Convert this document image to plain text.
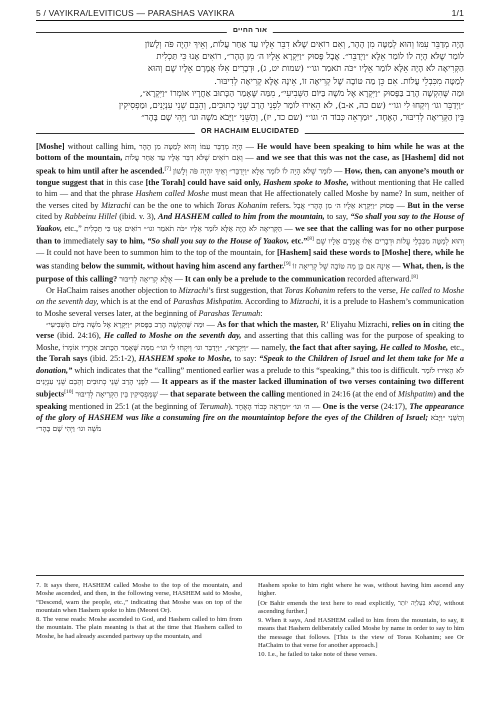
5 / VAYIKRA/LEVITICUS — PARASHAS VAYIKRA	1/1
אור החיים
הָיָה מְדַבֵּר עִמּוֹ וְהוּא לְמַטָּה מִן הָהָר, וְאִם רוֹאִים שֶׁלֹּא דִבֵּר אֵלָיו עַד אַחַר עֲלוֹת, וְאֵיךְ יִהְיֶה פֹּה וְלָשׁוֹן
לוֹמַר שֶׁלֹּא הָיָה לוֹ לוֹמַר אֵלָּא ״וַיְדַבֵּר״. אֲבָל פָּסוּק ״וַיִּקְרָא אֵלָיו ה׳ מִן הָהָר״, רוֹאִים אָנוּ כִּי תַּכְלִית
הַקְּרִיאָה לֹא הָיָה אֵלָּא לוֹמַר אֵלָיו ״כֹּה תֹאמַר וגו׳״ (שמות יט, ג), וּדְבָרִים אֵלּוּ אֲמָרָם אֵלָיו שֶׁם וְהוּא
לְמַטָּה מִכִּבְלֵי עֲלוֹת. אִם כֵּן מַה טּוֹבָה שֶׁל קְרִיאָה זוֹ, אֵינָהּ אֶלָּא קְרִיאָה לְדִיבּוּר.
וּמַה שֶּׁהִקְשָׁה הָרַב בַּפָּסוּק ״וַיִּקְרָא אֶל מֹשֶׁה בַּיּוֹם הַשְּׁבִיעִי״, מִמַּה שֶּׁאָמַר הַכָּתוּב אַחֲרָיו אוֹמְרוֹ ״וַיִּקְרָא״,
״וַיְדַבֵּר וגו׳ וְיִקְחוּ לִי וגו׳״ (שם כה, א-ב), לֹא הֵאִירוּ לוֹמַר לִפְנֵי הָרַב שְׁנֵי כְתוּבִים, וְהֵבֵם שְׁנֵי עִנְיָנִים, וּמַפְסִיקִין
בֵּין הַקְּרִיאָה לְדִיבּוּר, הָאֶחָד, ״וּמַרְאֵה כְּבוֹד ה׳ וגו׳״ (שם כד, יז), וְהַשֵּׁנִי ״וַיָּבֹא מֹשֶׁה וגו׳ וַיְהִי שָׁם בָּהָר״
OR HACHAIM ELUCIDATED

[Moshe] without calling him, הָיָה מְדַבֵּר עִמּוֹ וְהוּא לְמַטָּה מִן הָהָר — He would have been speaking to him while he was at the bottom of the mountain, וְאִם רוֹאִים שֶׁלֹּא דִבֵּר אֵלָיו עַד אַחַר עֲלוֹת — and we see that this was not the case, as [Hashem] did not speak to him until after he ascended.[7] וְאֵיךְ יִהְיֶה פֹּה וְלָשׁוֹן לוֹמַר שֶׁלֹּא הָיָה לוֹ לוֹמַר אֵלָּא ״וַיְדַבֵּר״ — How, then, can anyone’s mouth or tongue suggest that in this case [the Torah] could have said only, Hashem spoke to Moshe, without mentioning that He called to him — and that the phrase Hashem called Moshe must mean that He affectionately called Moshe by name? In sum, neither of the verses cited by Mizrachi can be the one to which Toras Kohanim refers. אֲבָל פָּסוּק ״וַיִּקְרָא אֵלָיו ה׳ מִן הָהָר״ — But in the verse cited by Rabbeinu Hillel (ibid. v. 3), And HASHEM called to him from the mountain, to say, “So shall you say to the House of Yaakov, etc.,” רוֹאִים אָנוּ כִּי תַּכְלִית הַקְּרִיאָה לֹא הָיָה אֵלָּא לוֹמַר אֵלָיו ״כֹּה תֹאמַר וגו׳״ — we see that the calling was for no other purpose than to immediately say to him, “So shall you say to the House of Yaakov, etc.”[8] וּדְבָרִים אֵלּוּ אֲמָרָם אֵלָיו שֶׁם וְהוּא לְמַטָּה מִכִּבְלֵי עֲלוֹת — It could not have been to summon him to the top of the mountain, for [Hashem] said these words to [Moshe] there, while he was standing below the summit, without having him ascend any farther.[9] אִם כֵּן מַה טּוֹבָה שֶׁל קְרִיאָה זוֹ אֵינָהּ — What, then, is the purpose of this calling? אֶלָּא קְרִיאָה לְדִיבּוּר — It can only be a prelude to the communication recorded afterward.[8]

Or HaChaim raises another objection to Mizrachi’s first suggestion, that Toras Kohanim refers to the verse, He called to Moshe on the seventh day, which is at the end of Parashas Mishpatim. According to Mizrachi, it is a prelude to Hashem’s communication to Moshe several verses later, at the beginning of Parashas Terumah:

וּמַה שֶּׁהִקְשָׁה הָרַב בַּפָּסוּק ״וַיִּקְרָא אֶל מֹשֶׁה בַּיּוֹם הַשְּׁבִיעִי״ — As for that which the master, R’ Eliyahu Mizrachi, relies on in citing the verse (ibid. 24:16), He called to Moshe on the seventh day, and asserting that this calling was for the purpose of speaking to Moshe, מִמַּה שֶּׁאָמַר הַכָּתוּב אַחֲרָיו אוֹמְרוֹ ״וַיִּקְרָא״, ״וַיְדַבֵּר וגו׳ וְיִקְחוּ לִי וגו׳״ — namely, the fact that after saying, He called to Moshe, etc., the Torah says (ibid. 25:1-2), HASHEM spoke to Moshe, to say: “Speak to the Children of Israel and let them take for Me a donation,” which indicates that the “calling” mentioned earlier was a prelude to this “speaking,” this too is difficult. לֹא הֵאִירוּ לוֹמַר לִפְנֵי הָרַב שְׁנֵי כְתוּבִים וְהֵבֵם שְׁנֵי עִנְיָנִים — It appears as if the master lacked illumination of two verses containing two different subjects[10] שֶׁמַּפְסִיקִין בֵּין הַקְּרִיאָה לְדִיבּוּר — that separate between the calling mentioned in 24:16 (at the end of Mishpatim) and the speaking mentioned in 25:1 (at the beginning of Terumah). הָאֶחָד ״וּמַרְאֵה כְּבוֹד ה׳ וגו׳ — One is the verse (24:17), The appearance of the glory of HASHEM was like a consuming fire on the mountaintop before the eyes of the Children of Israel; וְהַשֵּׁנִי ״וַיָּבֹא מֹשֶׁה וגו׳ וַיְהִי שָׁם בָּהָר״

7. It says there, HASHEM called Moshe to the top of the mountain, and Moshe ascended, and then, in the following verse, HASHEM said to Moshe, “Descend, warn the people, etc.,” indicating that Moshe was on top of the mountain when Hashem spoke to him (Meorei Or).

8. The verse reads: Moshe ascended to God, and Hashem called to him from the mountain. The plain meaning is that at the time that Hashem called to Moshe, he had already ascended partway up the mountain, and

Hashem spoke to him right where he was, without having him ascend any higher.

[Or Bahir emends the text here to read explicitly, שֶׁלֹּא בַּעַלִיָּה יוֹתֵר, without ascending further.]

9. When it says, And HASHEM called to him from the mountain, to say, it means that Hashem deliberately called Moshe by name in order to say to him the message that follows. [This is the view of Toras Kohanim; see Or HaChaim to that verse for another approach.]

10. I.e., he failed to take note of these verses.
